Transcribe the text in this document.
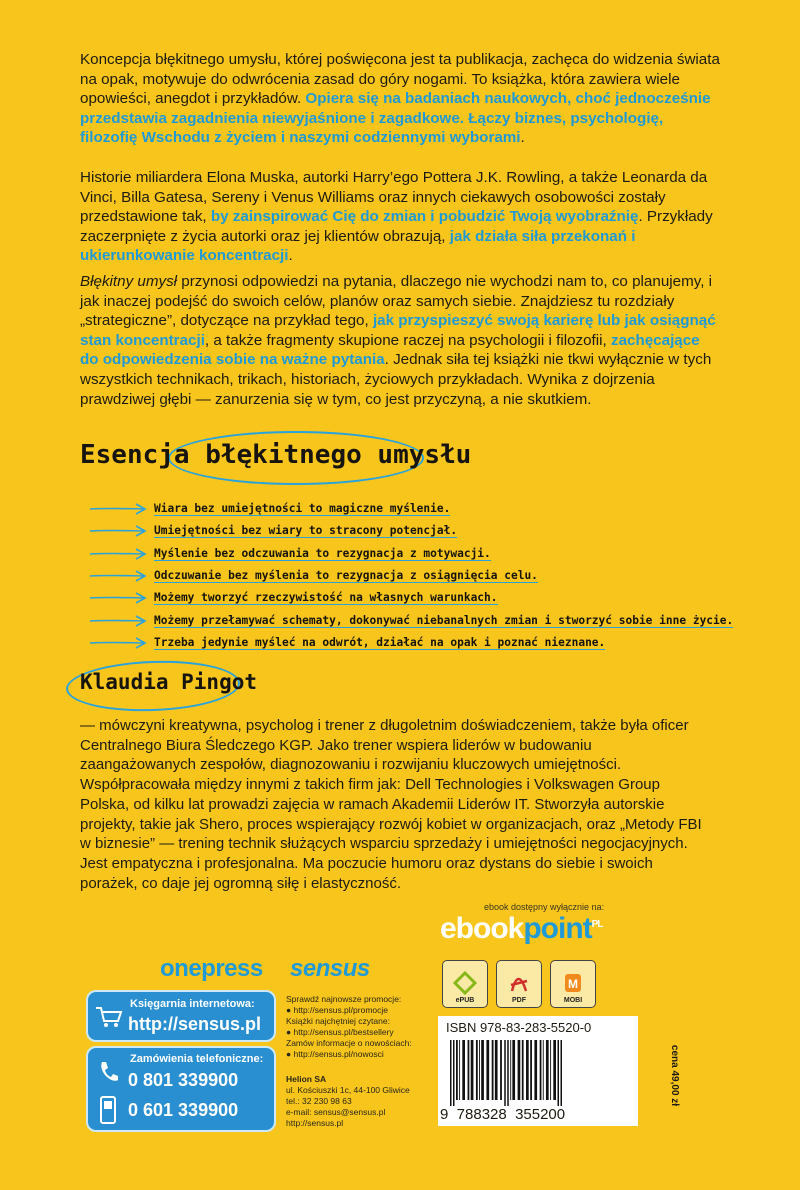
Koncepcja błękitnego umysłu, której poświęcona jest ta publikacja, zachęca do widzenia świata na opak, motywuje do odwrócenia zasad do góry nogami. To książka, która zawiera wiele opowieści, anegdot i przykładów. Opiera się na badaniach naukowych, choć jednocześnie przedstawia zagadnienia niewyjaśnione i zagadkowe. Łączy biznes, psychologię, filozofię Wschodu z życiem i naszymi codziennymi wyborami.

Historie miliardera Elona Muska, autorki Harry’ego Pottera J.K. Rowling, a także Leonarda da Vinci, Billa Gatesa, Sereny i Venus Williams oraz innych ciekawych osobowości zostały przedstawione tak, by zainspirować Cię do zmian i pobudzić Twoją wyobraźnię. Przykłady zaczerpnięte z życia autorki oraz jej klientów obrazują, jak działa siła przekonań i ukierunkowanie koncentracji.

Błękitny umysł przynosi odpowiedzi na pytania, dlaczego nie wychodzi nam to, co planujemy, i jak inaczej podejść do swoich celów, planów oraz samych siebie. Znajdziesz tu rozdziały „strategiczne”, dotyczące na przykład tego, jak przyspieszyć swoją karierę lub jak osiągnąć stan koncentracji, a także fragmenty skupione raczej na psychologii i filozofii, zachęcające do odpowiedzenia sobie na ważne pytania. Jednak siła tej książki nie tkwi wyłącznie w tych wszystkich technikach, trikach, historiach, życiowych przykładach. Wynika z dojrzenia prawdziwej głębi — zanurzenia się w tym, co jest przyczyną, a nie skutkiem.

Esencja błękitnego umysłu
Wiara bez umiejętności to magiczne myślenie.
Umiejętności bez wiary to stracony potencjał.
Myślenie bez odczuwania to rezygnacja z motywacji.
Odczuwanie bez myślenia to rezygnacja z osiągnięcia celu.
Możemy tworzyć rzeczywistość na własnych warunkach.
Możemy przełamywać schematy, dokonywać niebanalnych zmian i stworzyć sobie inne życie.
Trzeba jedynie myśleć na odwrót, działać na opak i poznać nieznane.
Klaudia Pingot

— mówczyni kreatywna, psycholog i trener z długoletnim doświadczeniem, także była oficer Centralnego Biura Śledczego KGP. Jako trener wspiera liderów w budowaniu zaangażowanych zespołów, diagnozowaniu i rozwijaniu kluczowych umiejętności. Współpracowała między innymi z takich firm jak: Dell Technologies i Volkswagen Group Polska, od kilku lat prowadzi zajęcia w ramach Akademii Liderów IT. Stworzyła autorskie projekty, takie jak Shero, proces wspierający rozwój kobiet w organizacjach, oraz „Metody FBI w biznesie” — trening technik służących wsparciu sprzedaży i umiejętności negocjacyjnych. Jest empatyczna i profesjonalna. Ma poczucie humoru oraz dystans do siebie i swoich porażek, co daje jej ogromną siłę i elastyczność.

ebook dostępny wyłącznie na:
ebookpoint$^{PL}$
ePUB	PDF
M
MOBI
onepress sensus
Księgarnia internetowa:
http://sensus.pl
Zamówienia telefoniczne:
0 801 339900
0 601 339900
Sprawdź najnowsze promocje:
● http://sensus.pl/promocje
Książki najchętniej czytane:
● http://sensus.pl/bestsellery
Zamów informacje o nowościach:
● http://sensus.pl/nowosci
Helion SA
ul. Kościuszki 1c, 44-100 Gliwice
tel.: 32 230 98 63
e-mail: sensus@sensus.pl
http://sensus.pl
ISBN 978-83-283-5520-0
9  788328  355200
cena 49,00 zł
